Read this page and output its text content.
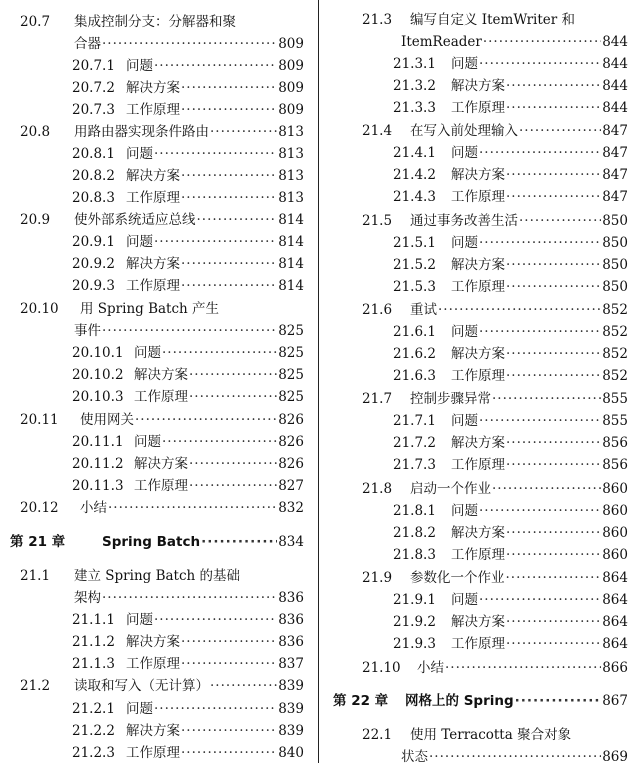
20.7 集成控制分支：分解器和聚
合器 ·····	809
20.7.1 问题 ·····	809
20.7.2 解决方案 ·····	809
20.7.3 工作原理 ·····	809
20.8 用路由器实现条件路由 ·····	813
20.8.1 问题 ·····	813
20.8.2 解决方案 ·····	813
20.8.3 工作原理 ·····	813
20.9 使外部系统适应总线 ·····	814
20.9.1 问题 ·····	814
20.9.2 解决方案 ·····	814
20.9.3 工作原理 ·····	814
20.10 用 Spring Batch 产生
事件 ·····	825
20.10.1 问题 ·····	825
20.10.2 解决方案 ·····	825
20.10.3 工作原理 ·····	825
20.11 使用网关 ·····	826
20.11.1 问题 ·····	826
20.11.2 解决方案 ·····	826
20.11.3 工作原理 ·····	827
20.12 小结 ·····	832
第 21 章	Spring Batch ·····	834
21.1 建立 Spring Batch 的基础
架构 ·····	836
21.1.1 问题 ·····	836
21.1.2 解决方案 ·····	836
21.1.3 工作原理 ·····	837
21.2 读取和写入（无计算） ·····	839
21.2.1 问题 ·····	839
21.2.2 解决方案 ·····	839
21.2.3 工作原理 ·····	840
21.3 编写自定义 ItemWriter 和
ItemReader ·····	844
21.3.1 问题 ·····	844
21.3.2 解决方案 ·····	844
21.3.3 工作原理 ·····	844
21.4 在写入前处理输入 ·····	847
21.4.1 问题 ·····	847
21.4.2 解决方案 ·····	847
21.4.3 工作原理 ·····	847
21.5 通过事务改善生活 ·····	850
21.5.1 问题 ·····	850
21.5.2 解决方案 ·····	850
21.5.3 工作原理 ·····	850
21.6 重试 ·····	852
21.6.1 问题 ·····	852
21.6.2 解决方案 ·····	852
21.6.3 工作原理 ·····	852
21.7 控制步骤异常 ·····	855
21.7.1 问题 ·····	855
21.7.2 解决方案 ·····	856
21.7.3 工作原理 ·····	856
21.8 启动一个作业 ·····	860
21.8.1 问题 ·····	860
21.8.2 解决方案 ·····	860
21.8.3 工作原理 ·····	860
21.9 参数化一个作业 ·····	864
21.9.1 问题 ·····	864
21.9.2 解决方案 ·····	864
21.9.3 工作原理 ·····	864
21.10 小结 ·····	866
第 22 章 网格上的 Spring ·····	867
22.1 使用 Terracotta 聚合对象
状态 ·····	869
